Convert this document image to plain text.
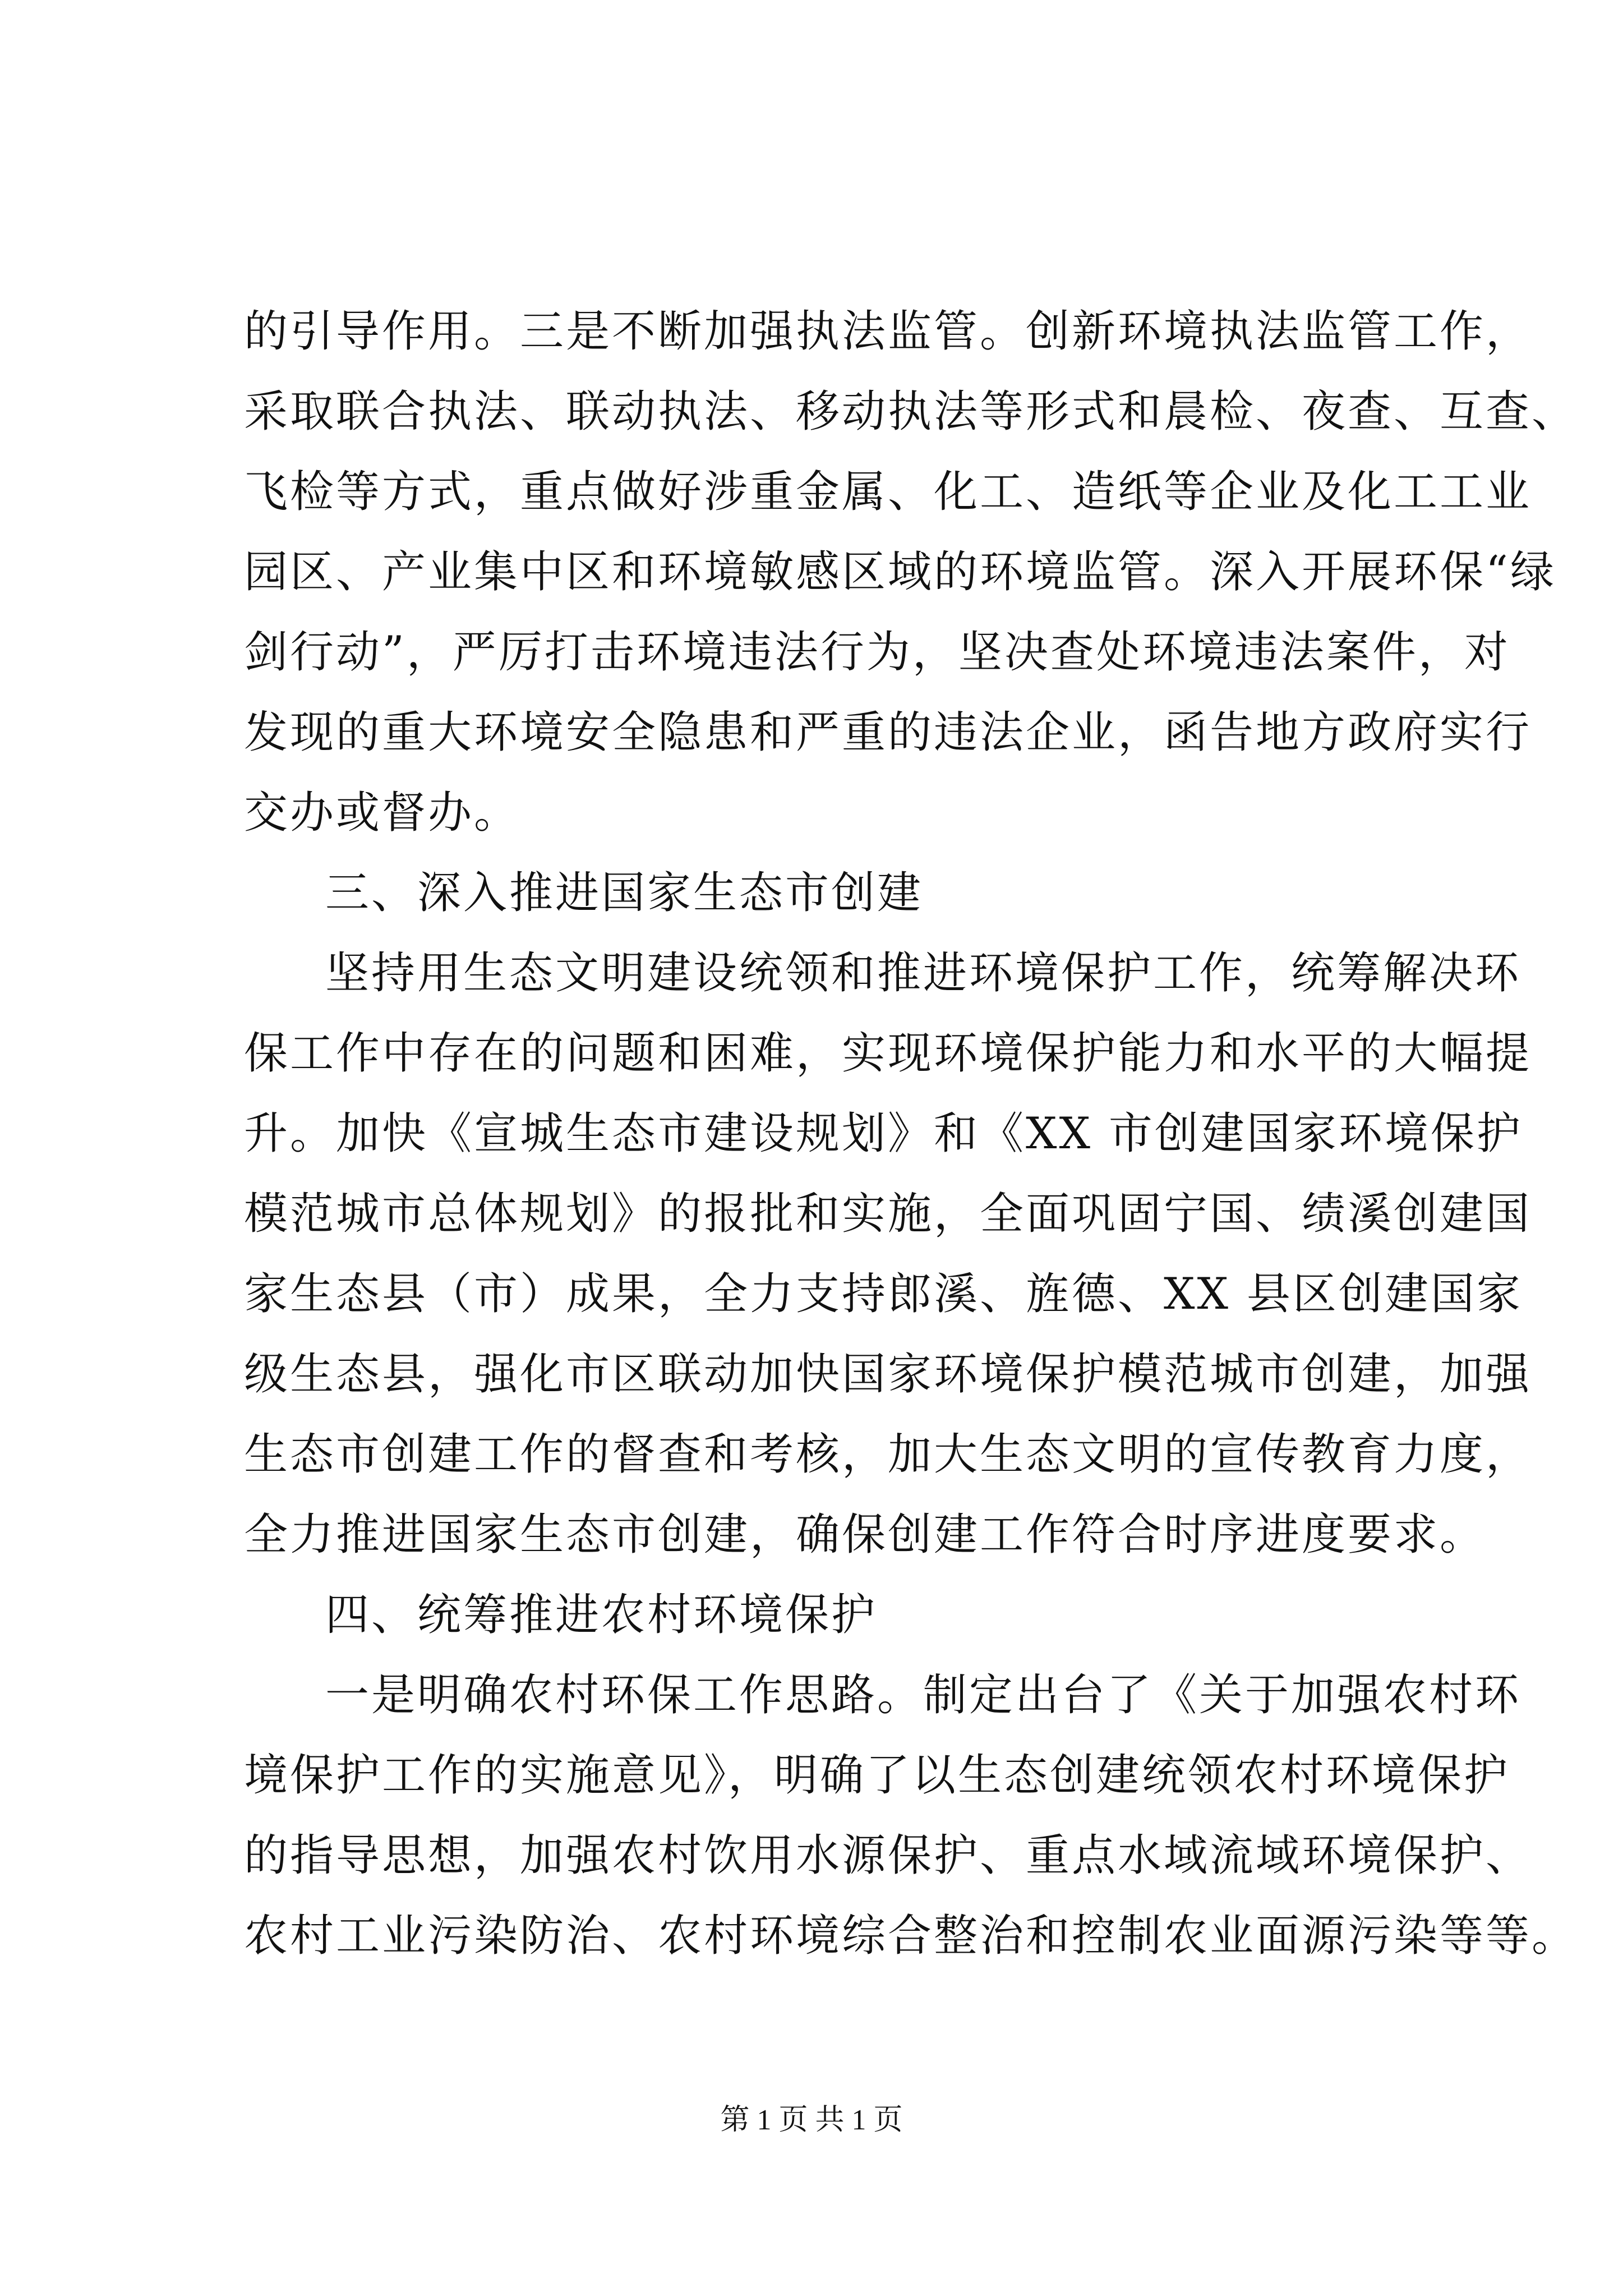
的引导作用。三是不断加强执法监管。创新环境执法监管工作，
采取联合执法、联动执法、移动执法等形式和晨检、夜查、互查、
飞检等方式，重点做好涉重金属、化工、造纸等企业及化工工业
园区、产业集中区和环境敏感区域的环境监管。深入开展环保“绿
剑行动”，严厉打击环境违法行为，坚决查处环境违法案件，对
发现的重大环境安全隐患和严重的违法企业，函告地方政府实行
交办或督办。
三、深入推进国家生态市创建
坚持用生态文明建设统领和推进环境保护工作，统筹解决环
保工作中存在的问题和困难，实现环境保护能力和水平的大幅提
升。加快《宣城生态市建设规划》和《XX 市创建国家环境保护
模范城市总体规划》的报批和实施，全面巩固宁国、绩溪创建国
家生态县（市）成果，全力支持郎溪、旌德、XX 县区创建国家
级生态县，强化市区联动加快国家环境保护模范城市创建，加强
生态市创建工作的督查和考核，加大生态文明的宣传教育力度，
全力推进国家生态市创建，确保创建工作符合时序进度要求。
四、统筹推进农村环境保护
一是明确农村环保工作思路。制定出台了《关于加强农村环
境保护工作的实施意见》，明确了以生态创建统领农村环境保护
的指导思想，加强农村饮用水源保护、重点水域流域环境保护、
农村工业污染防治、农村环境综合整治和控制农业面源污染等等。
第 1 页 共 1 页
